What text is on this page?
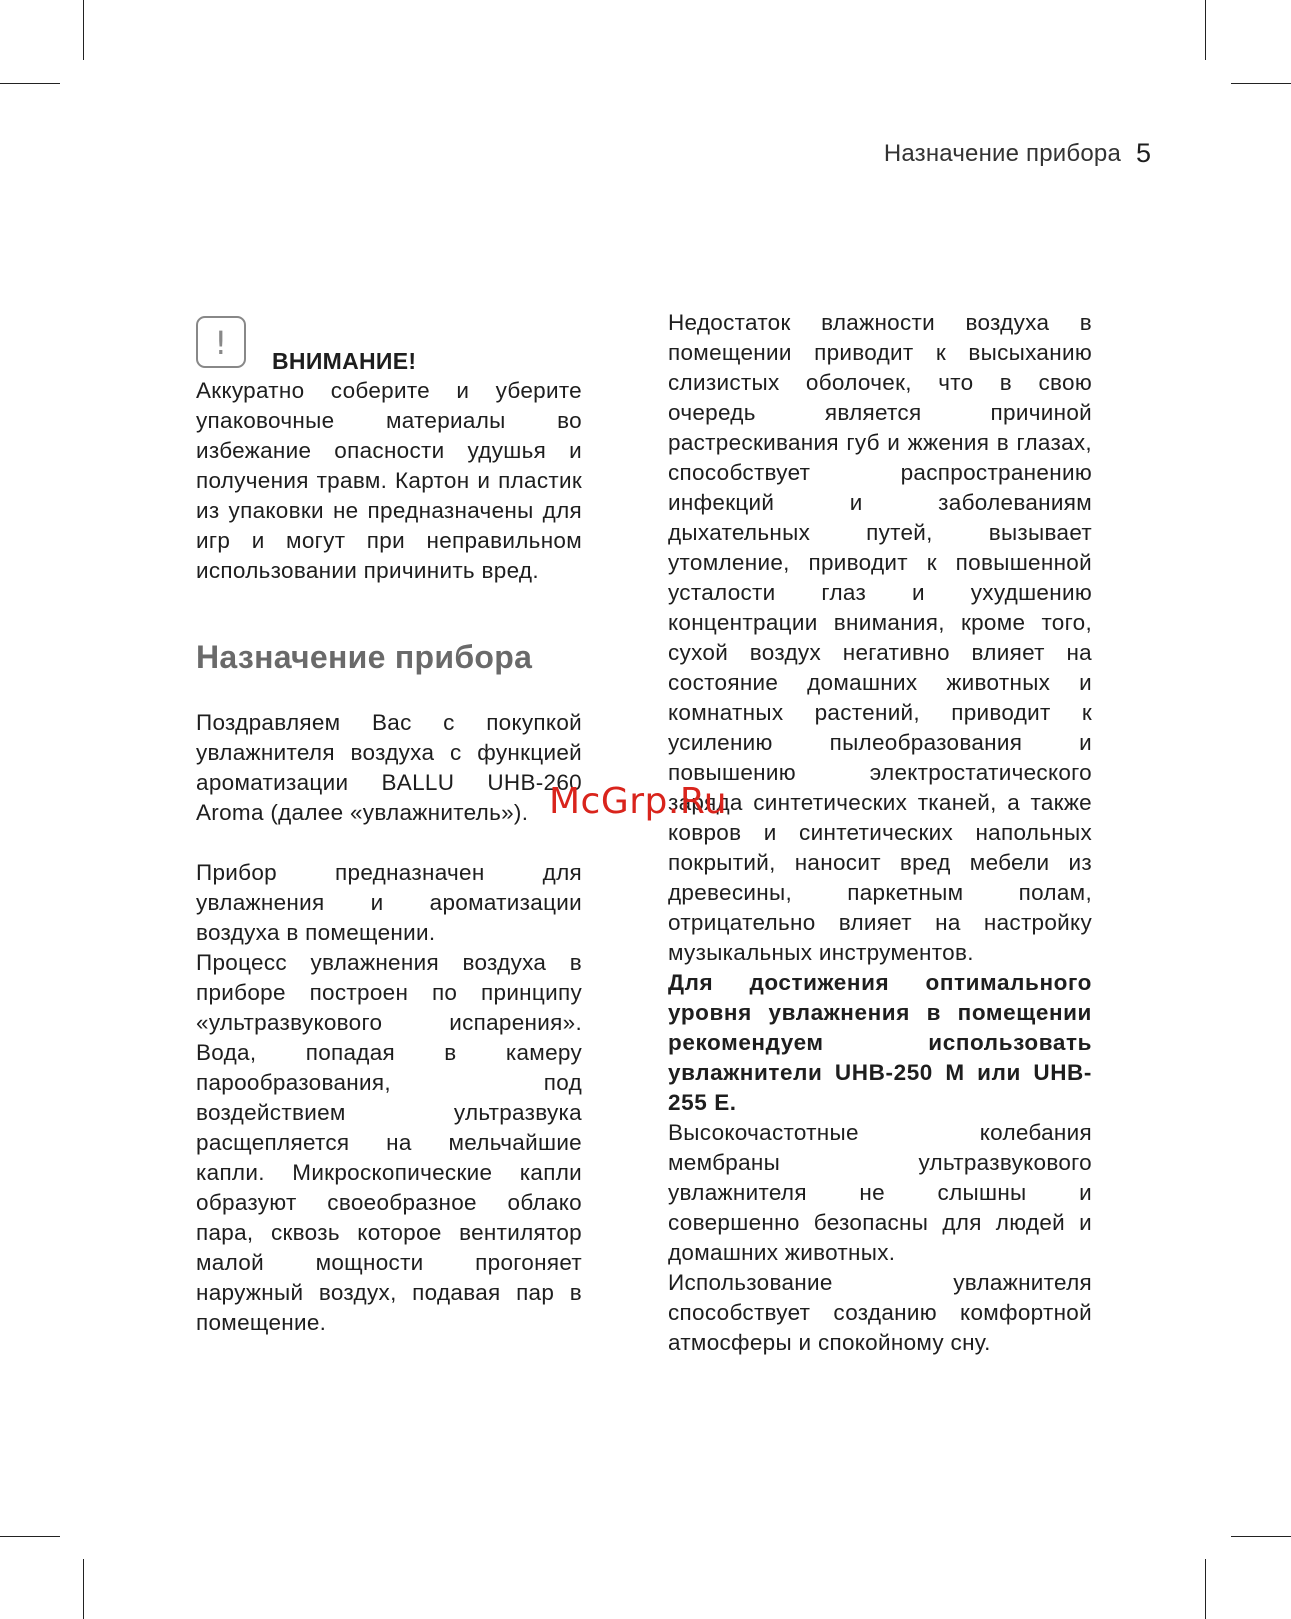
Назначение прибора 5
!	ВНИМАНИЕ!

Аккуратно соберите и уберите упаковочные материалы во избежание опасности удушья и получения травм. Картон и пластик из упаковки не предназначены для игр и могут при неправильном использовании причинить вред.

Назначение прибора

Поздравляем Вас с покупкой увлажнителя воздуха с функцией ароматизации BALLU UHB-260 Aroma (далее «увлажнитель»).

Прибор предназначен для увлажнения и ароматизации воздуха в помещении.

Процесс увлажнения воздуха в приборе построен по принципу «ультразвукового испарения». Вода, попадая в камеру парообразования, под воздействием ультразвука расщепляется на мельчайшие капли. Микроскопические капли образуют своеобразное облако пара, сквозь которое вентилятор малой мощности прогоняет наружный воздух, подавая пар в помещение.

Недостаток влажности воздуха в помещении приводит к высыханию слизистых оболочек, что в свою очередь является причиной растрескивания губ и жжения в глазах, способствует распространению инфекций и заболеваниям дыхательных путей, вызывает утомление, приводит к повышенной усталости глаз и ухудшению концентрации внимания, кроме того, сухой воздух негативно влияет на состояние домашних животных и комнатных растений, приводит к усилению пылеобразования и повышению электростатического заряда синтетических тканей, а также ковров и синтетических напольных покрытий, наносит вред мебели из древесины, паркетным полам, отрицательно влияет на настройку музыкальных инструментов.

Для достижения оптимального уровня увлажнения в помещении рекомендуем использовать увлажнители UHB-250 M или UHB-255 E.

Высокочастотные колебания мембраны ультразвукового увлажнителя не слышны и совершенно безопасны для людей и домашних животных.

Использование увлажнителя способствует созданию комфортной атмосферы и спокойному сну.

McGrp.Ru
